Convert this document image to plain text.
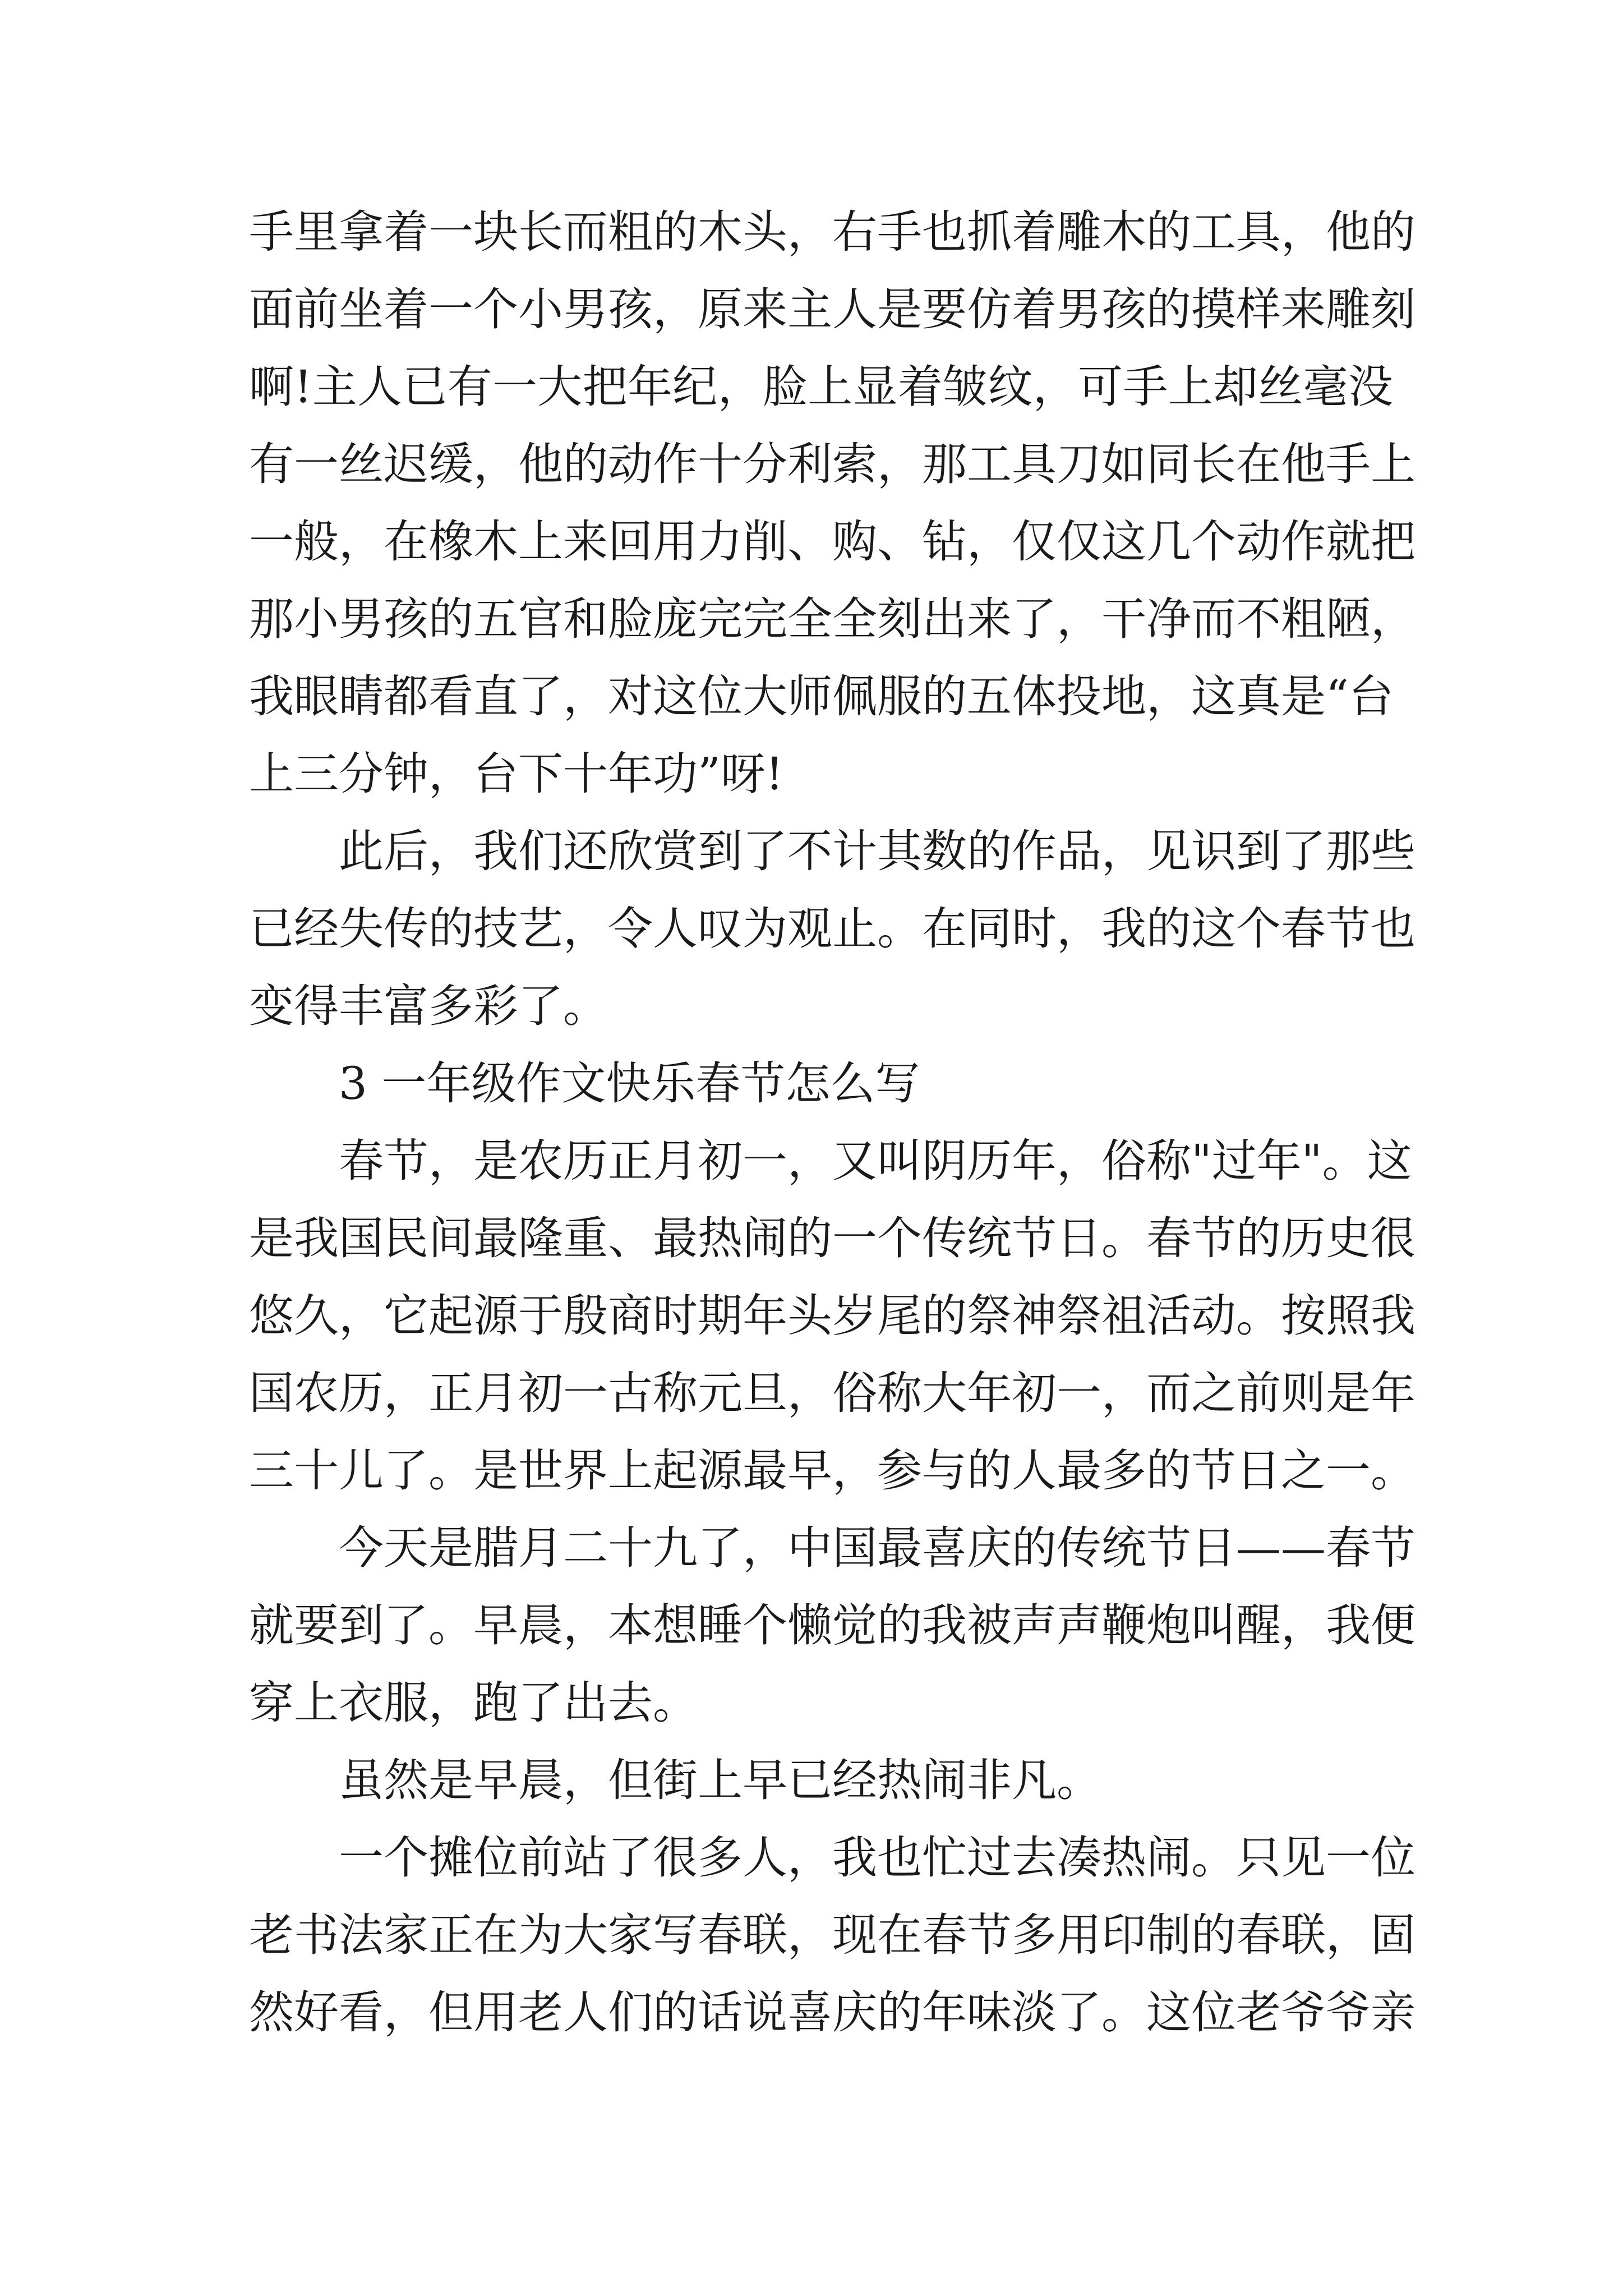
手里拿着一块长而粗的木头，右手也抓着雕木的工具，他的
面前坐着一个小男孩，原来主人是要仿着男孩的摸样来雕刻
啊!主人已有一大把年纪，脸上显着皱纹，可手上却丝毫没
有一丝迟缓，他的动作十分利索，那工具刀如同长在他手上
一般，在橡木上来回用力削、购、钻，仅仅这几个动作就把
那小男孩的五官和脸庞完完全全刻出来了，干净而不粗陋，
我眼睛都看直了，对这位大师佩服的五体投地，这真是“台
上三分钟，台下十年功”呀!
此后，我们还欣赏到了不计其数的作品，见识到了那些
已经失传的技艺，令人叹为观止。在同时，我的这个春节也
变得丰富多彩了。
3 一年级作文快乐春节怎么写
春节，是农历正月初一，又叫阴历年，俗称"过年"。这
是我国民间最隆重、最热闹的一个传统节日。春节的历史很
悠久，它起源于殷商时期年头岁尾的祭神祭祖活动。按照我
国农历，正月初一古称元旦，俗称大年初一，而之前则是年
三十儿了。是世界上起源最早，参与的人最多的节日之一。
今天是腊月二十九了，中国最喜庆的传统节日——春节
就要到了。早晨，本想睡个懒觉的我被声声鞭炮叫醒，我便
穿上衣服，跑了出去。
虽然是早晨，但街上早已经热闹非凡。
一个摊位前站了很多人，我也忙过去凑热闹。只见一位
老书法家正在为大家写春联，现在春节多用印制的春联，固
然好看，但用老人们的话说喜庆的年味淡了。这位老爷爷亲
